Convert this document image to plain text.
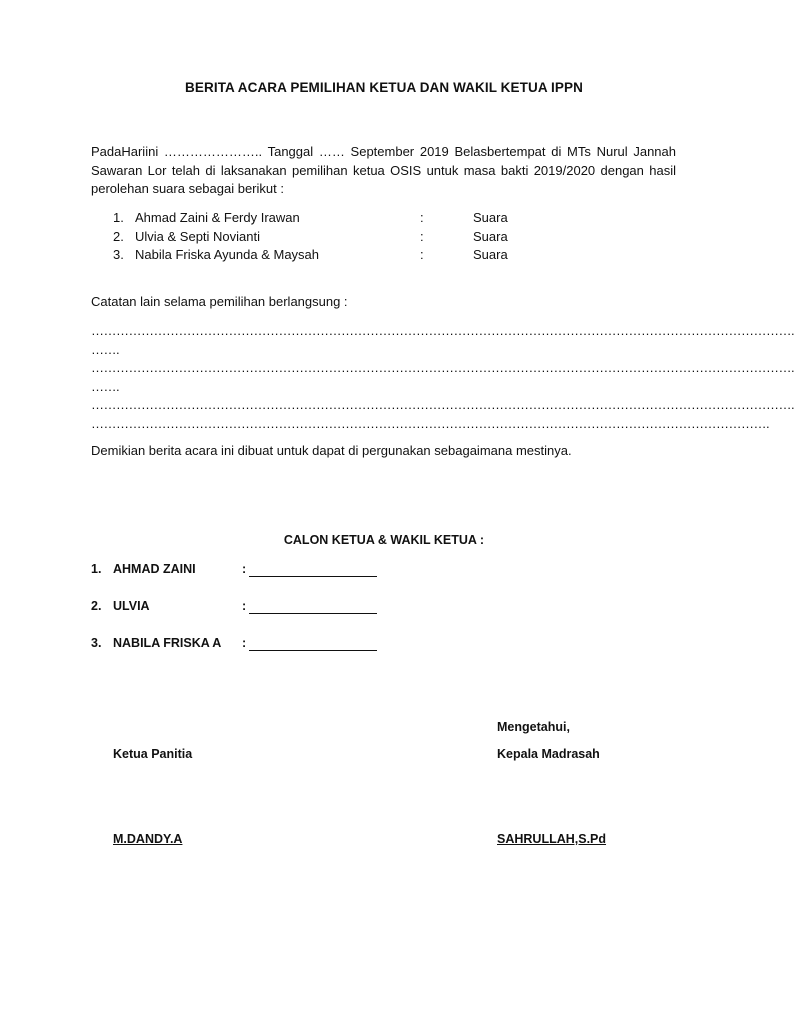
BERITA ACARA PEMILIHAN KETUA DAN WAKIL KETUA IPPN
PadaHariini ………………….. Tanggal …… September 2019 Belasbertempat di MTs Nurul Jannah Sawaran Lor telah di laksanakan pemilihan ketua OSIS untuk masa bakti 2019/2020 dengan hasil perolehan suara sebagai berikut :
1. Ahmad Zaini & Ferdy Irawan	:	Suara
2. Ulvia & Septi Novianti	:	Suara
3. Nabila Friska Ayunda & Maysah	:	Suara
Catatan lain selama pemilihan berlangsung :
…………………………………………………………………………………………………………………………………………………….
…….
…………………………………………………………………………………………………………………………………………………….
…….
…………………………………………………………………………………………………………………………………………………….
……………………………………………………………………………………………………………………………………………….
Demikian berita acara ini dibuat untuk dapat di pergunakan sebagaimana mestinya.
CALON KETUA & WAKIL KETUA :
1. AHMAD ZAINI	:
2. ULVIA	:
3. NABILA FRISKA A :
Mengetahui,
Ketua Panitia	Kepala Madrasah
M.DANDY.A	SAHRULLAH,S.Pd
